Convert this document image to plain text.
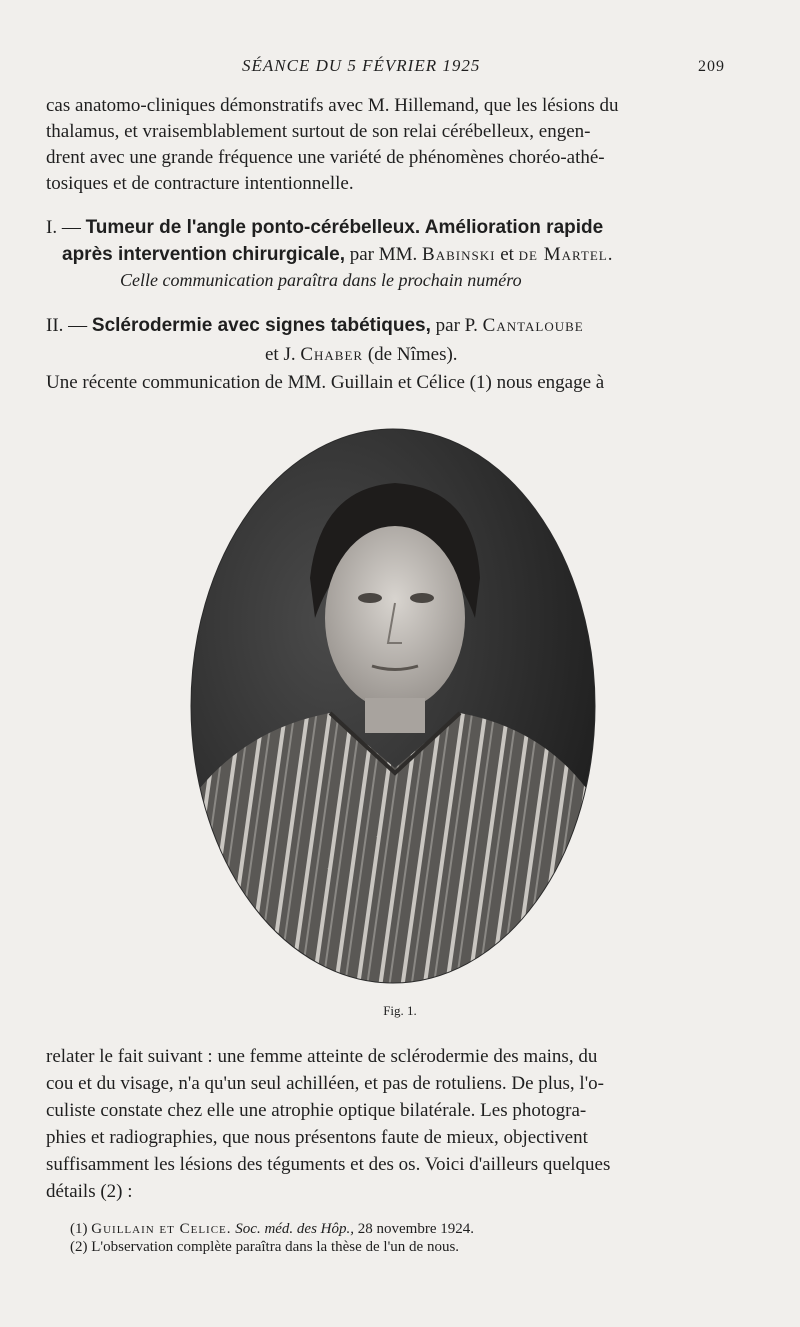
SÉANCE DU 5 FÉVRIER 1925	209

cas anatomo-cliniques démonstratifs avec M. Hillemand, que les lésions du

thalamus, et vraisemblablement surtout de son relai cérébelleux, engen-

drent avec une grande fréquence une variété de phénomènes choréo-athé-

tosiques et de contracture intentionnelle.

I. — Tumeur de l'angle ponto-cérébelleux. Amélioration rapide
après intervention chirurgicale, par MM. Babinski et de Martel.
Celle communication paraîtra dans le prochain numéro
II. — Sclérodermie avec signes tabétiques, par P. Cantaloube
et J. Chaber (de Nîmes).

Une récente communication de MM. Guillain et Célice (1) nous engage à

Fig. 1.

relater le fait suivant : une femme atteinte de sclérodermie des mains, du

cou et du visage, n'a qu'un seul achilléen, et pas de rotuliens. De plus, l'o-

culiste constate chez elle une atrophie optique bilatérale. Les photogra-

phies et radiographies, que nous présentons faute de mieux, objectivent

suffisamment les lésions des téguments et des os. Voici d'ailleurs quelques

détails (2) :

(1) Guillain et Celice. Soc. méd. des Hôp., 28 novembre 1924.
(2) L'observation complète paraîtra dans la thèse de l'un de nous.
